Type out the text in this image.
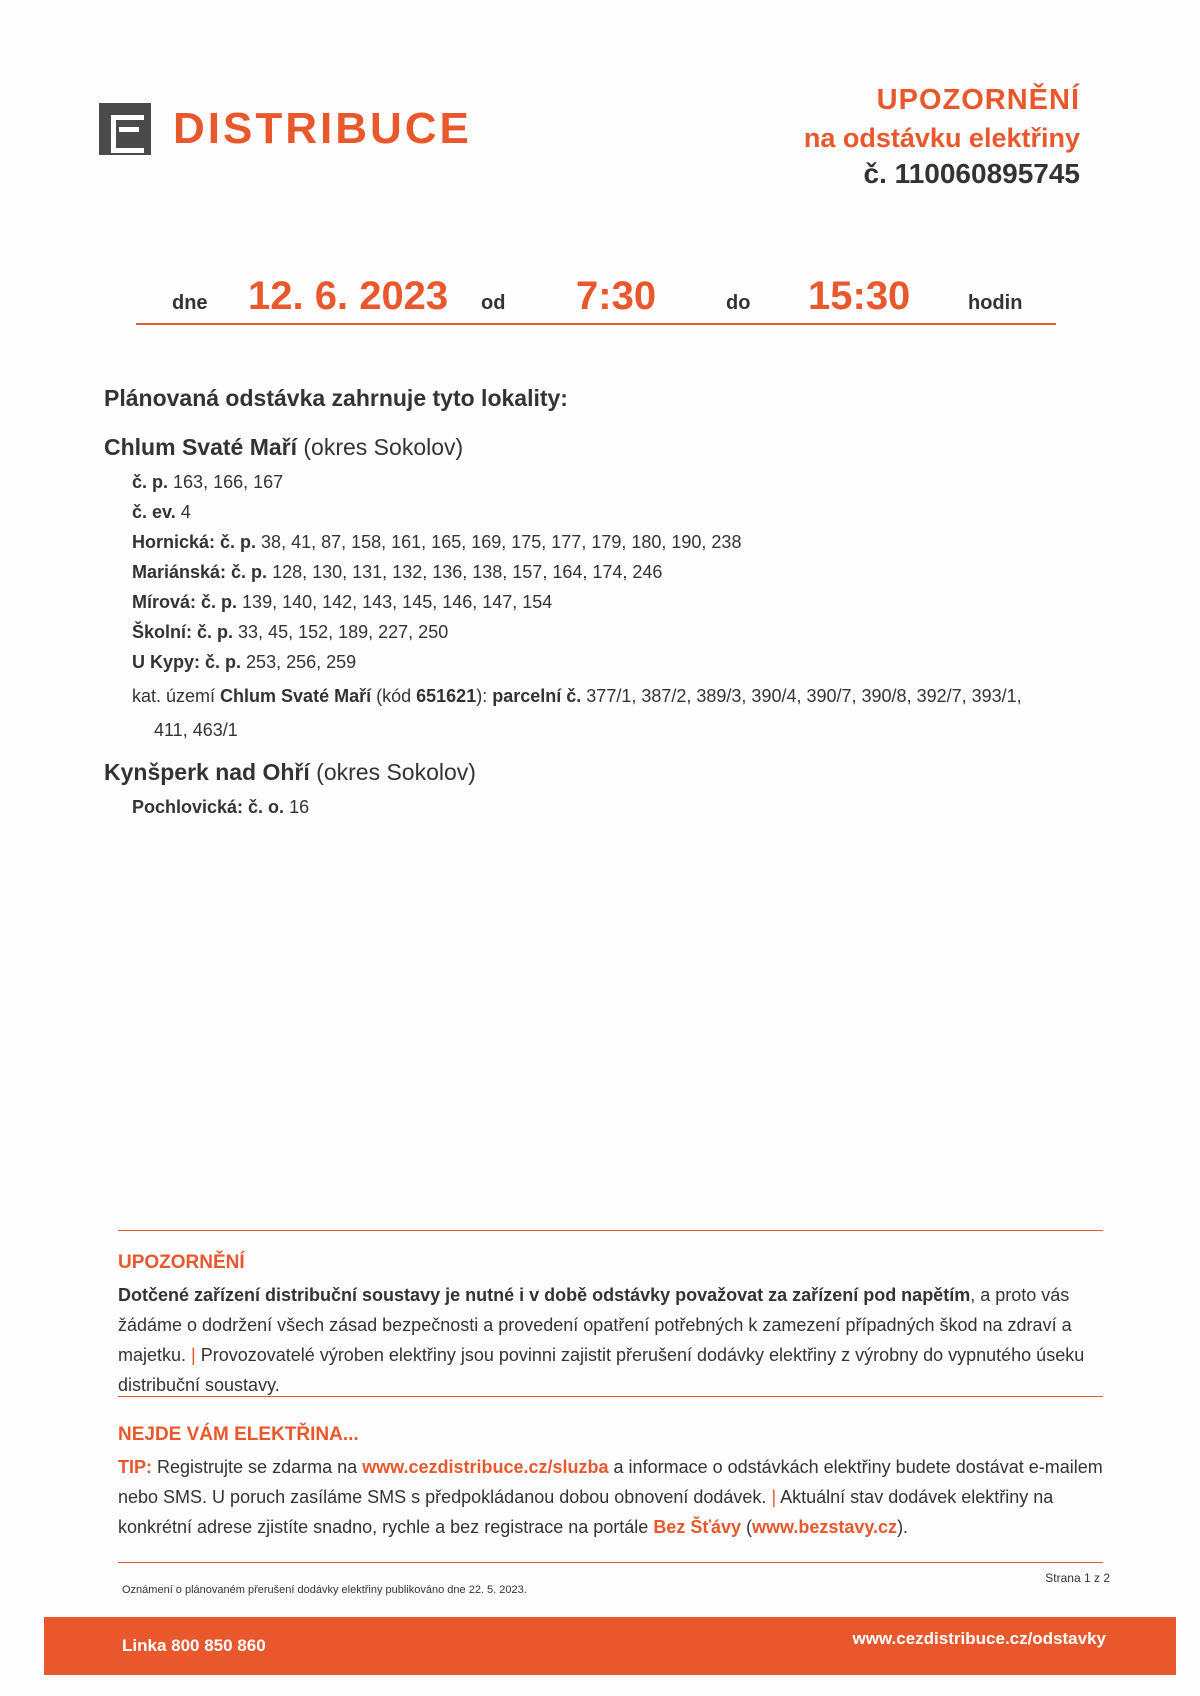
DISTRIBUCE
UPOZORNĚNÍ
na odstávku elektřiny
č. 110060895745
dne 12. 6. 2023 od 7:30	do 15:30	hodin
Plánovaná odstávka zahrnuje tyto lokality:
Chlum Svaté Maří (okres Sokolov)
č. p. 163, 166, 167
č. ev. 4
Hornická: č. p. 38, 41, 87, 158, 161, 165, 169, 175, 177, 179, 180, 190, 238
Mariánská: č. p. 128, 130, 131, 132, 136, 138, 157, 164, 174, 246
Mírová: č. p. 139, 140, 142, 143, 145, 146, 147, 154
Školní: č. p. 33, 45, 152, 189, 227, 250
U Kypy: č. p. 253, 256, 259
kat. území Chlum Svaté Maří (kód 651621): parcelní č. 377/1, 387/2, 389/3, 390/4, 390/7, 390/8, 392/7, 393/1,
411, 463/1
Kynšperk nad Ohří (okres Sokolov)
Pochlovická: č. o. 16
UPOZORNĚNÍ

Dotčené zařízení distribuční soustavy je nutné i v době odstávky považovat za zařízení pod napětím, a proto vás žádáme o dodržení všech zásad bezpečnosti a provedení opatření potřebných k zamezení případných škod na zdraví a majetku. | Provozovatelé výroben elektřiny jsou povinni zajistit přerušení dodávky elektřiny z výrobny do vypnutého úseku distribuční soustavy.

NEJDE VÁM ELEKTŘINA...

TIP: Registrujte se zdarma na www.cezdistribuce.cz/sluzba a informace o odstávkách elektřiny budete dostávat e-mailem nebo SMS. U poruch zasíláme SMS s předpokládanou dobou obnovení dodávek. | Aktuální stav dodávek elektřiny na konkrétní adrese zjistíte snadno, rychle a bez registrace na portále Bez Šťávy (www.bezstavy.cz).

Oznámení o plánovaném přerušení dodávky elektřiny publikováno dne 22. 5. 2023.
Strana 1 z 2
Linka 800 850 860	www.cezdistribuce.cz/odstavky
